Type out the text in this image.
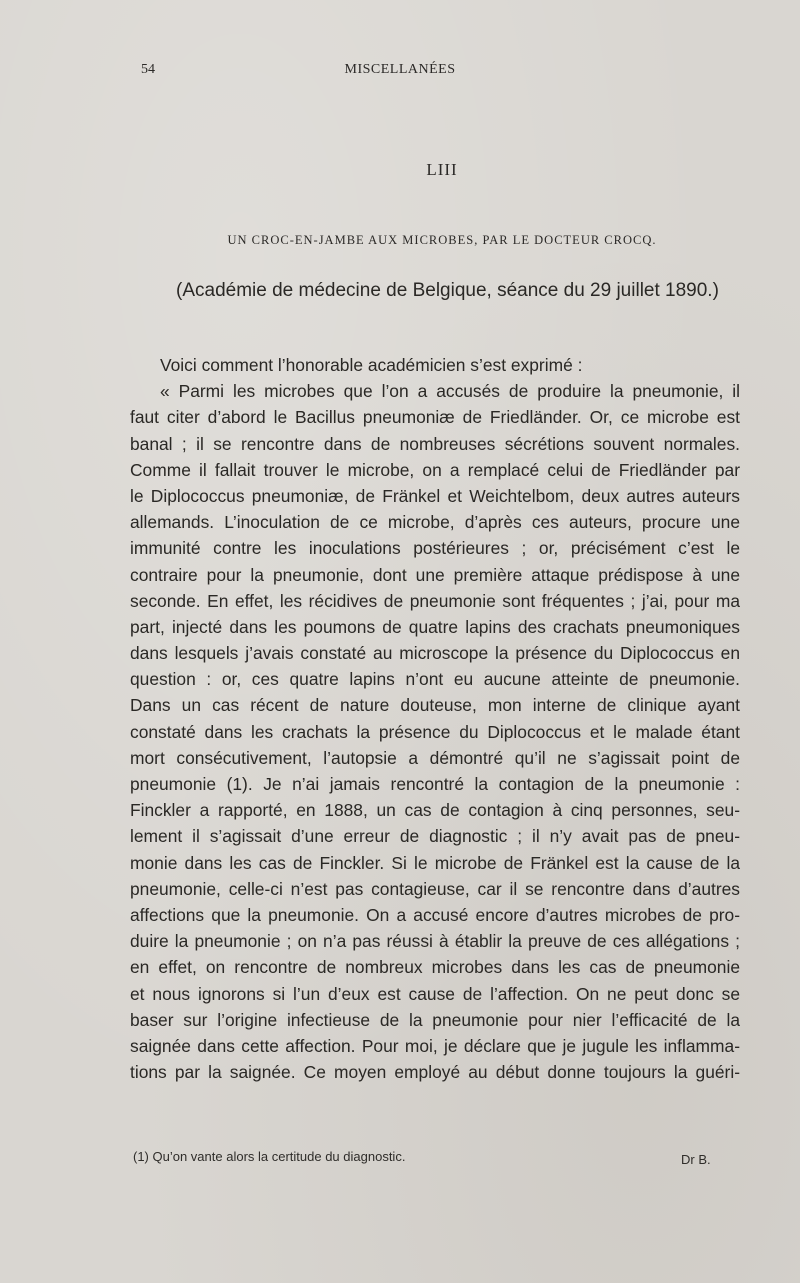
54	MISCELLANÉES
LIII
UN CROC-EN-JAMBE AUX MICROBES, PAR LE DOCTEUR CROCQ.
(Académie de médecine de Belgique, séance du 29 juillet 1890.)
Voici comment l’honorable académicien s’est exprimé :
« Parmi les microbes que l’on a accusés de produire la pneumonie, il
faut citer d’abord le Bacillus pneumoniæ de Friedländer. Or, ce microbe est
banal ; il se rencontre dans de nombreuses sécrétions souvent normales.
Comme il fallait trouver le microbe, on a remplacé celui de Friedländer par
le Diplococcus pneumoniæ, de Fränkel et Weichtelbom, deux autres auteurs
allemands. L’inoculation de ce microbe, d’après ces auteurs, procure une
immunité contre les inoculations postérieures ; or, précisément c’est le
contraire pour la pneumonie, dont une première attaque prédispose à une
seconde. En effet, les récidives de pneumonie sont fréquentes ; j’ai, pour ma
part, injecté dans les poumons de quatre lapins des crachats pneumoniques
dans lesquels j’avais constaté au microscope la présence du Diplococcus en
question : or, ces quatre lapins n’ont eu aucune atteinte de pneumonie.
Dans un cas récent de nature douteuse, mon interne de clinique ayant
constaté dans les crachats la présence du Diplococcus et le malade étant
mort consécutivement, l’autopsie a démontré qu’il ne s’agissait point de
pneumonie (1). Je n’ai jamais rencontré la contagion de la pneumonie :
Finckler a rapporté, en 1888, un cas de contagion à cinq personnes, seu-
lement il s’agissait d’une erreur de diagnostic ; il n’y avait pas de pneu-
monie dans les cas de Finckler. Si le microbe de Fränkel est la cause de la
pneumonie, celle-ci n’est pas contagieuse, car il se rencontre dans d’autres
affections que la pneumonie. On a accusé encore d’autres microbes de pro-
duire la pneumonie ; on n’a pas réussi à établir la preuve de ces allégations ;
en effet, on rencontre de nombreux microbes dans les cas de pneumonie
et nous ignorons si l’un d’eux est cause de l’affection. On ne peut donc se
baser sur l’origine infectieuse de la pneumonie pour nier l’efficacité de la
saignée dans cette affection. Pour moi, je déclare que je jugule les inflamma-
tions par la saignée. Ce moyen employé au début donne toujours la guéri-
(1) Qu’on vante alors la certitude du diagnostic.	Dr B.
